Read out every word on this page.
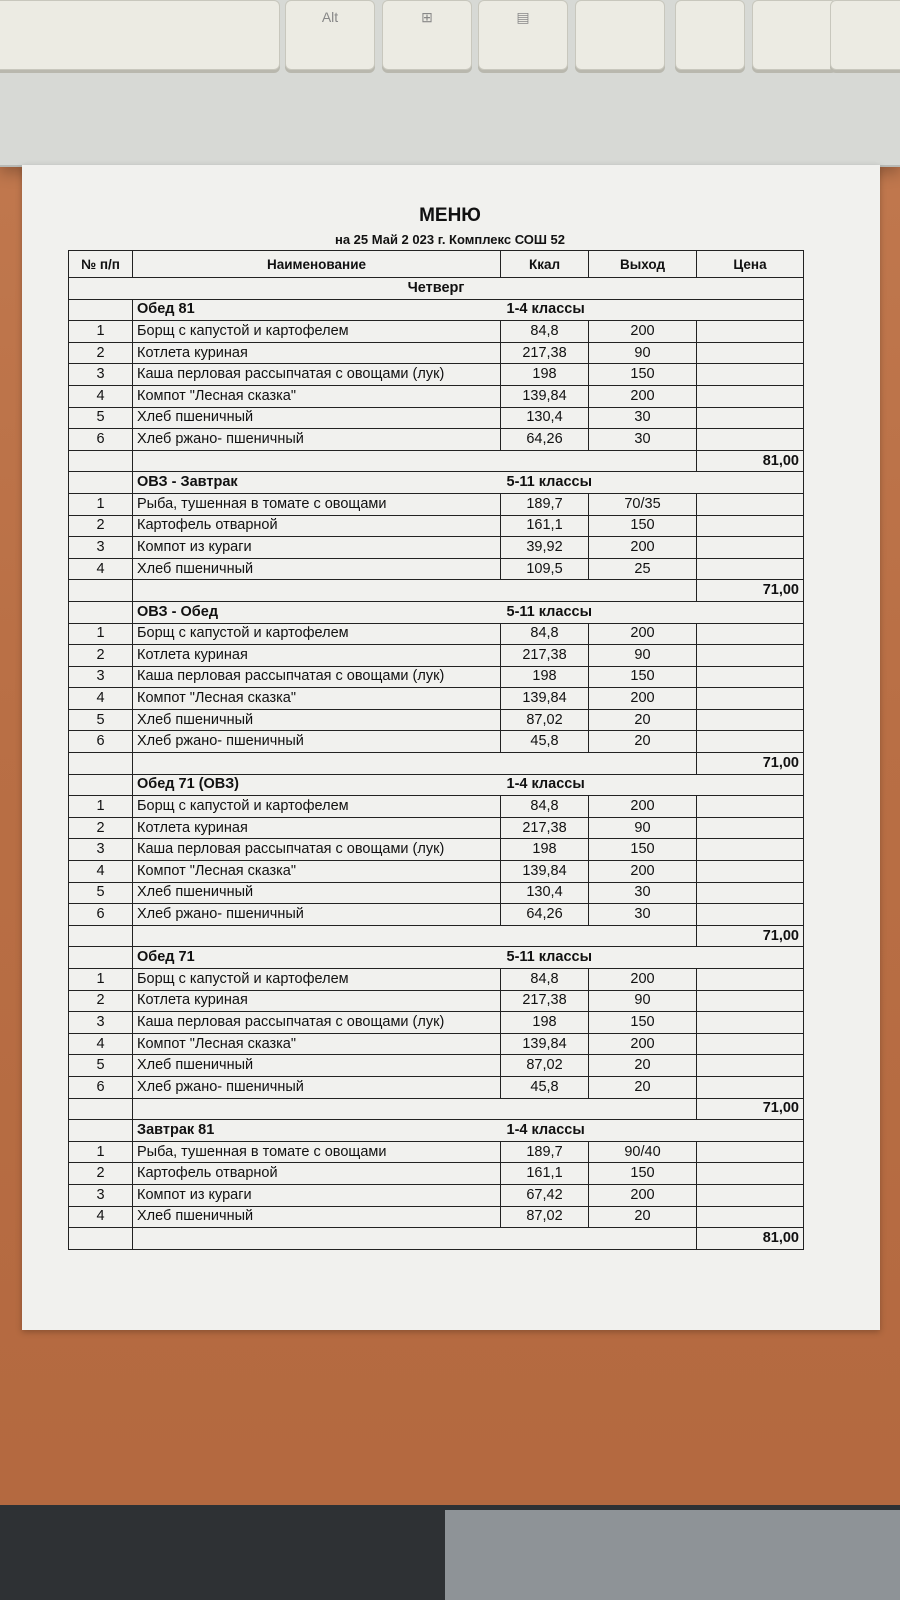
Alt	⊞	▤
МЕНЮ
на 25 Май 2 023 г. Комплекс СОШ 52
№ п/п	Наименование	Ккал	Выход	Цена
Четверг				
	Обед 81	1-4 классы		
1	Борщ с капустой и картофелем	84,8	200	
2	Котлета куриная	217,38	90	
3	Каша перловая рассыпчатая с овощами (лук)	198	150	
4	Компот "Лесная сказка"	139,84	200	
5	Хлеб пшеничный	130,4	30	
6	Хлеб ржано- пшеничный	64,26	30	
				81,00
	ОВЗ - Завтрак	5-11 классы		
1	Рыба, тушенная в томате с овощами	189,7	70/35	
2	Картофель отварной	161,1	150	
3	Компот из кураги	39,92	200	
4	Хлеб пшеничный	109,5	25	
				71,00
	ОВЗ - Обед	5-11 классы		
1	Борщ с капустой и картофелем	84,8	200	
2	Котлета куриная	217,38	90	
3	Каша перловая рассыпчатая с овощами (лук)	198	150	
4	Компот "Лесная сказка"	139,84	200	
5	Хлеб пшеничный	87,02	20	
6	Хлеб ржано- пшеничный	45,8	20	
				71,00
	Обед 71 (ОВЗ)	1-4 классы		
1	Борщ с капустой и картофелем	84,8	200	
2	Котлета куриная	217,38	90	
3	Каша перловая рассыпчатая с овощами (лук)	198	150	
4	Компот "Лесная сказка"	139,84	200	
5	Хлеб пшеничный	130,4	30	
6	Хлеб ржано- пшеничный	64,26	30	
				71,00
	Обед 71	5-11 классы		
1	Борщ с капустой и картофелем	84,8	200	
2	Котлета куриная	217,38	90	
3	Каша перловая рассыпчатая с овощами (лук)	198	150	
4	Компот "Лесная сказка"	139,84	200	
5	Хлеб пшеничный	87,02	20	
6	Хлеб ржано- пшеничный	45,8	20	
				71,00
	Завтрак 81	1-4 классы		
1	Рыба, тушенная в томате с овощами	189,7	90/40	
2	Картофель отварной	161,1	150	
3	Компот из кураги	67,42	200	
4	Хлеб пшеничный	87,02	20	
				81,00
